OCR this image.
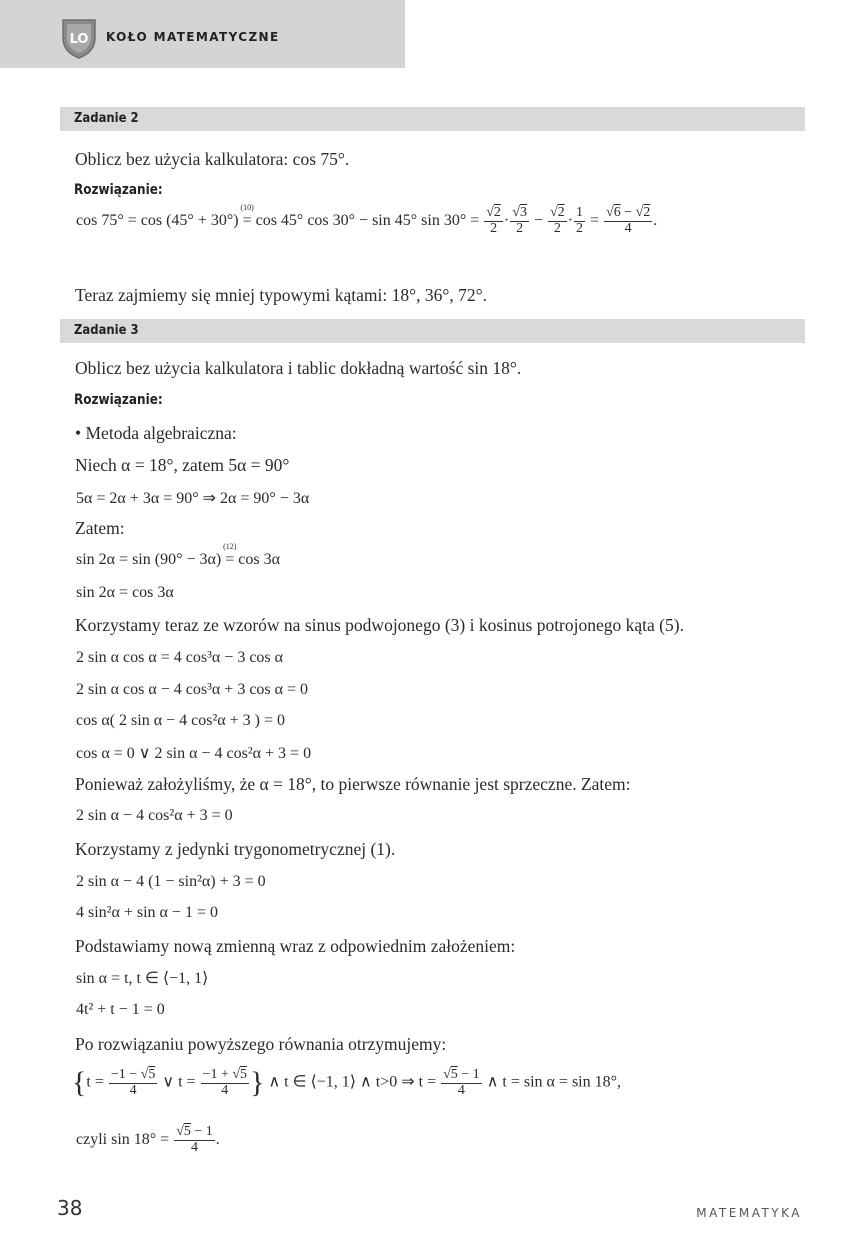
LO KOŁO MATEMATYCZNE
Zadanie 2
Oblicz bez użycia kalkulatora: cos 75°.
Rozwiązanie:
cos 75° = cos (45° + 30°) =
(10)
cos 45° cos 30° − sin 45° $\sin 30^\circ = \frac{√2}{2} \cdot \frac{√3}{2} - \frac{√2}{2} \cdot \frac{1}{2} = \frac{√6 - √2}{4}$ .
Teraz zajmiemy się mniej typowymi kątami: 18°, 36°, 72°.
Zadanie 3
Oblicz bez użycia kalkulatora i tablic dokładną wartość sin 18°.
Rozwiązanie:
• Metoda algebraiczna:
Niech α = 18°, zatem 5α = 90°
5α = 2α + 3α = 90° ⇒ 2α = 90° − 3α
Zatem:
sin 2α = sin (90° − 3α) =
(12)
cos 3α
sin 2α = cos 3α
Korzystamy teraz ze wzorów na sinus podwojonego (3) i kosinus potrojonego kąta (5).
2 sin α cos α = 4 cos³α − 3 cos α
2 sin α cos α − 4 cos³α + 3 cos α = 0
cos α( 2 sin α − 4 cos²α + 3 ) = 0
cos α = 0 ∨ 2 sin α − 4 cos²α + 3 = 0
Ponieważ założyliśmy, że α = 18°, to pierwsze równanie jest sprzeczne. Zatem:
2 sin α − 4 cos²α + 3 = 0
Korzystamy z jedynki trygonometrycznej (1).
2 sin α − 4 (1 − sin²α) + 3 = 0
4 sin²α + sin α − 1 = 0
Podstawiamy nową zmienną wraz z odpowiednim założeniem:
sin α = t, t ∈ ⟨−1, 1⟩
4t² + t − 1 = 0
Po rozwiązaniu powyższego równania otrzymujemy:
{$t = \frac{-1 - √5}{4}$ ∨ $t = \frac{-1 + √5}{4}$ } ∧ t ∈ ⟨−1, 1⟩ ∧ t>0 ⇒ $t = \frac{√5 - 1}{4}$ ∧ t = sin α = sin 18°,
czyli $\sin 18^\circ = \frac{√5 - 1}{4}$ .
38	MATEMATYKA
